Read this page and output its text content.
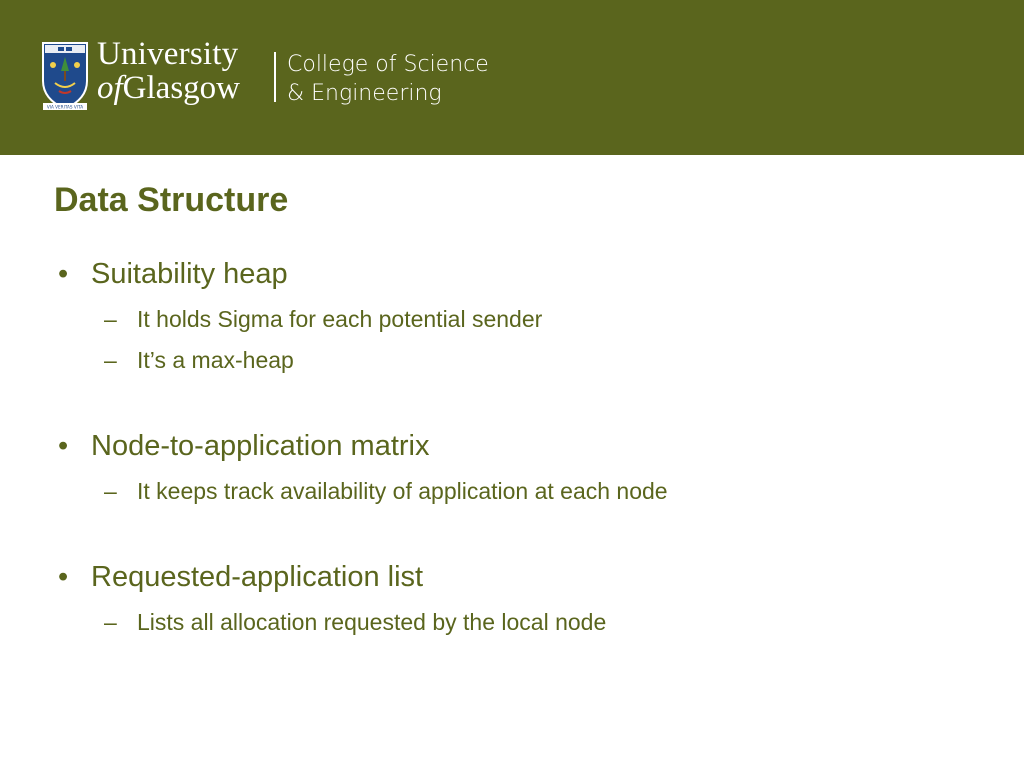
VIA VERITAS VITA
University
ofGlasgow
College of Science
& Engineering
Data Structure
• Suitability heap
– It holds Sigma for each potential sender
– It’s a max-heap
• Node-to-application matrix
– It keeps track availability of application at each node
• Requested-application list
– Lists all allocation requested by the local node
